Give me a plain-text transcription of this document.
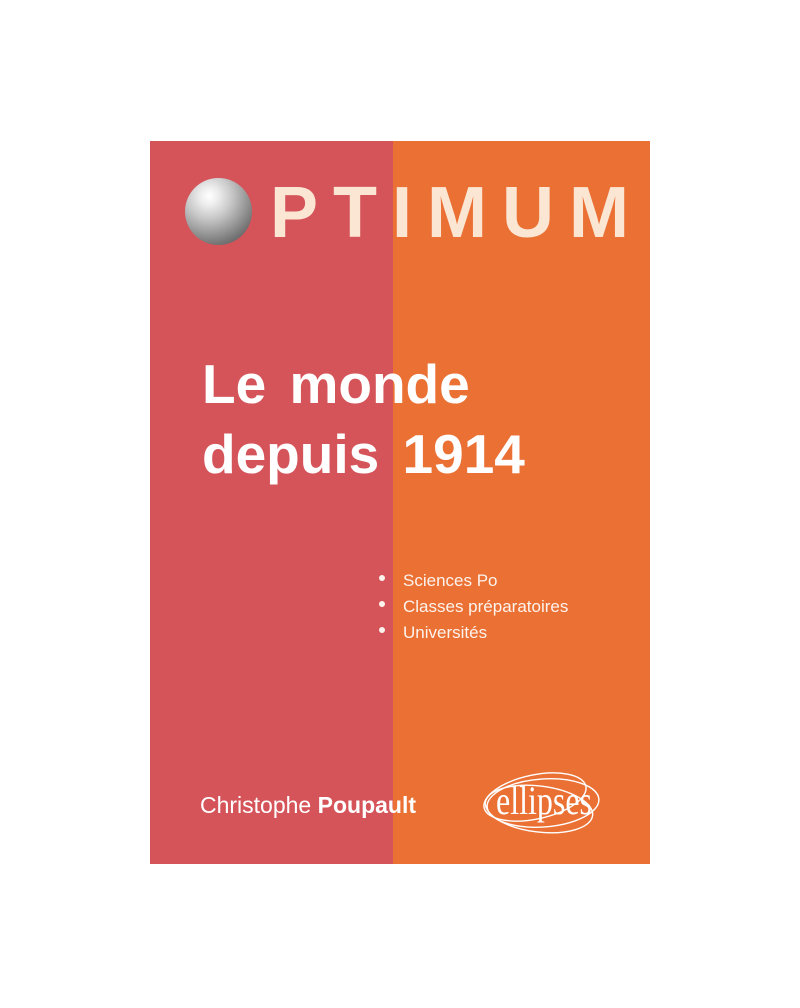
PTIMUM
Le monde
depuis 1914
Sciences Po
Classes préparatoires
Universités
Christophe Poupault ellipses
